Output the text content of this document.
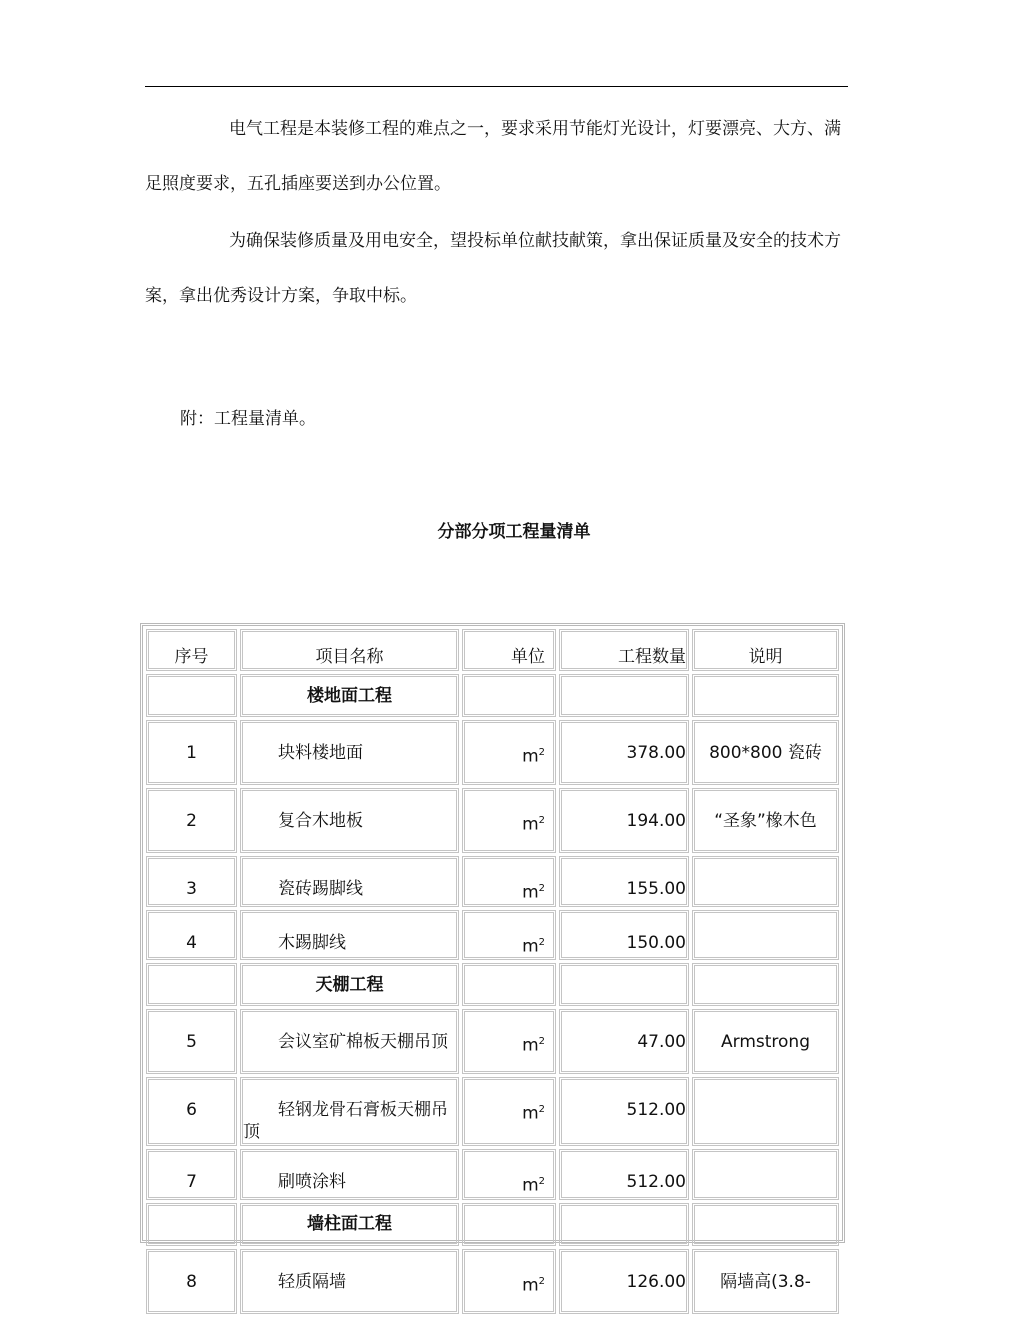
电气工程是本装修工程的难点之一，要求采用节能灯光设计，灯要漂亮、大方、满足照度要求，五孔插座要送到办公位置。

为确保装修质量及用电安全，望投标单位献技献策，拿出保证质量及安全的技术方案，拿出优秀设计方案，争取中标。

附：工程量清单。

分部分项工程量清单

序号	项目名称	单位	工程数量	说明
	楼地面工程			

1	块料楼地面	$m^2$	378.00	800*800 瓷砖

2	复合木地板	$m^2$	194.00	“圣象”橡木色

3	瓷砖踢脚线	$m^2$	155.00	

4	木踢脚线	$m^2$	150.00	

	天棚工程			

5	会议室矿棉板天棚吊顶	$m^2$	47.00	Armstrong

6	轻钢龙骨石膏板天棚吊顶	$m^2$	512.00	

7	刷喷涂料	$m^2$	512.00	

	墙柱面工程			

8	轻质隔墙	$m^2$	126.00	隔墙高(3.8-
